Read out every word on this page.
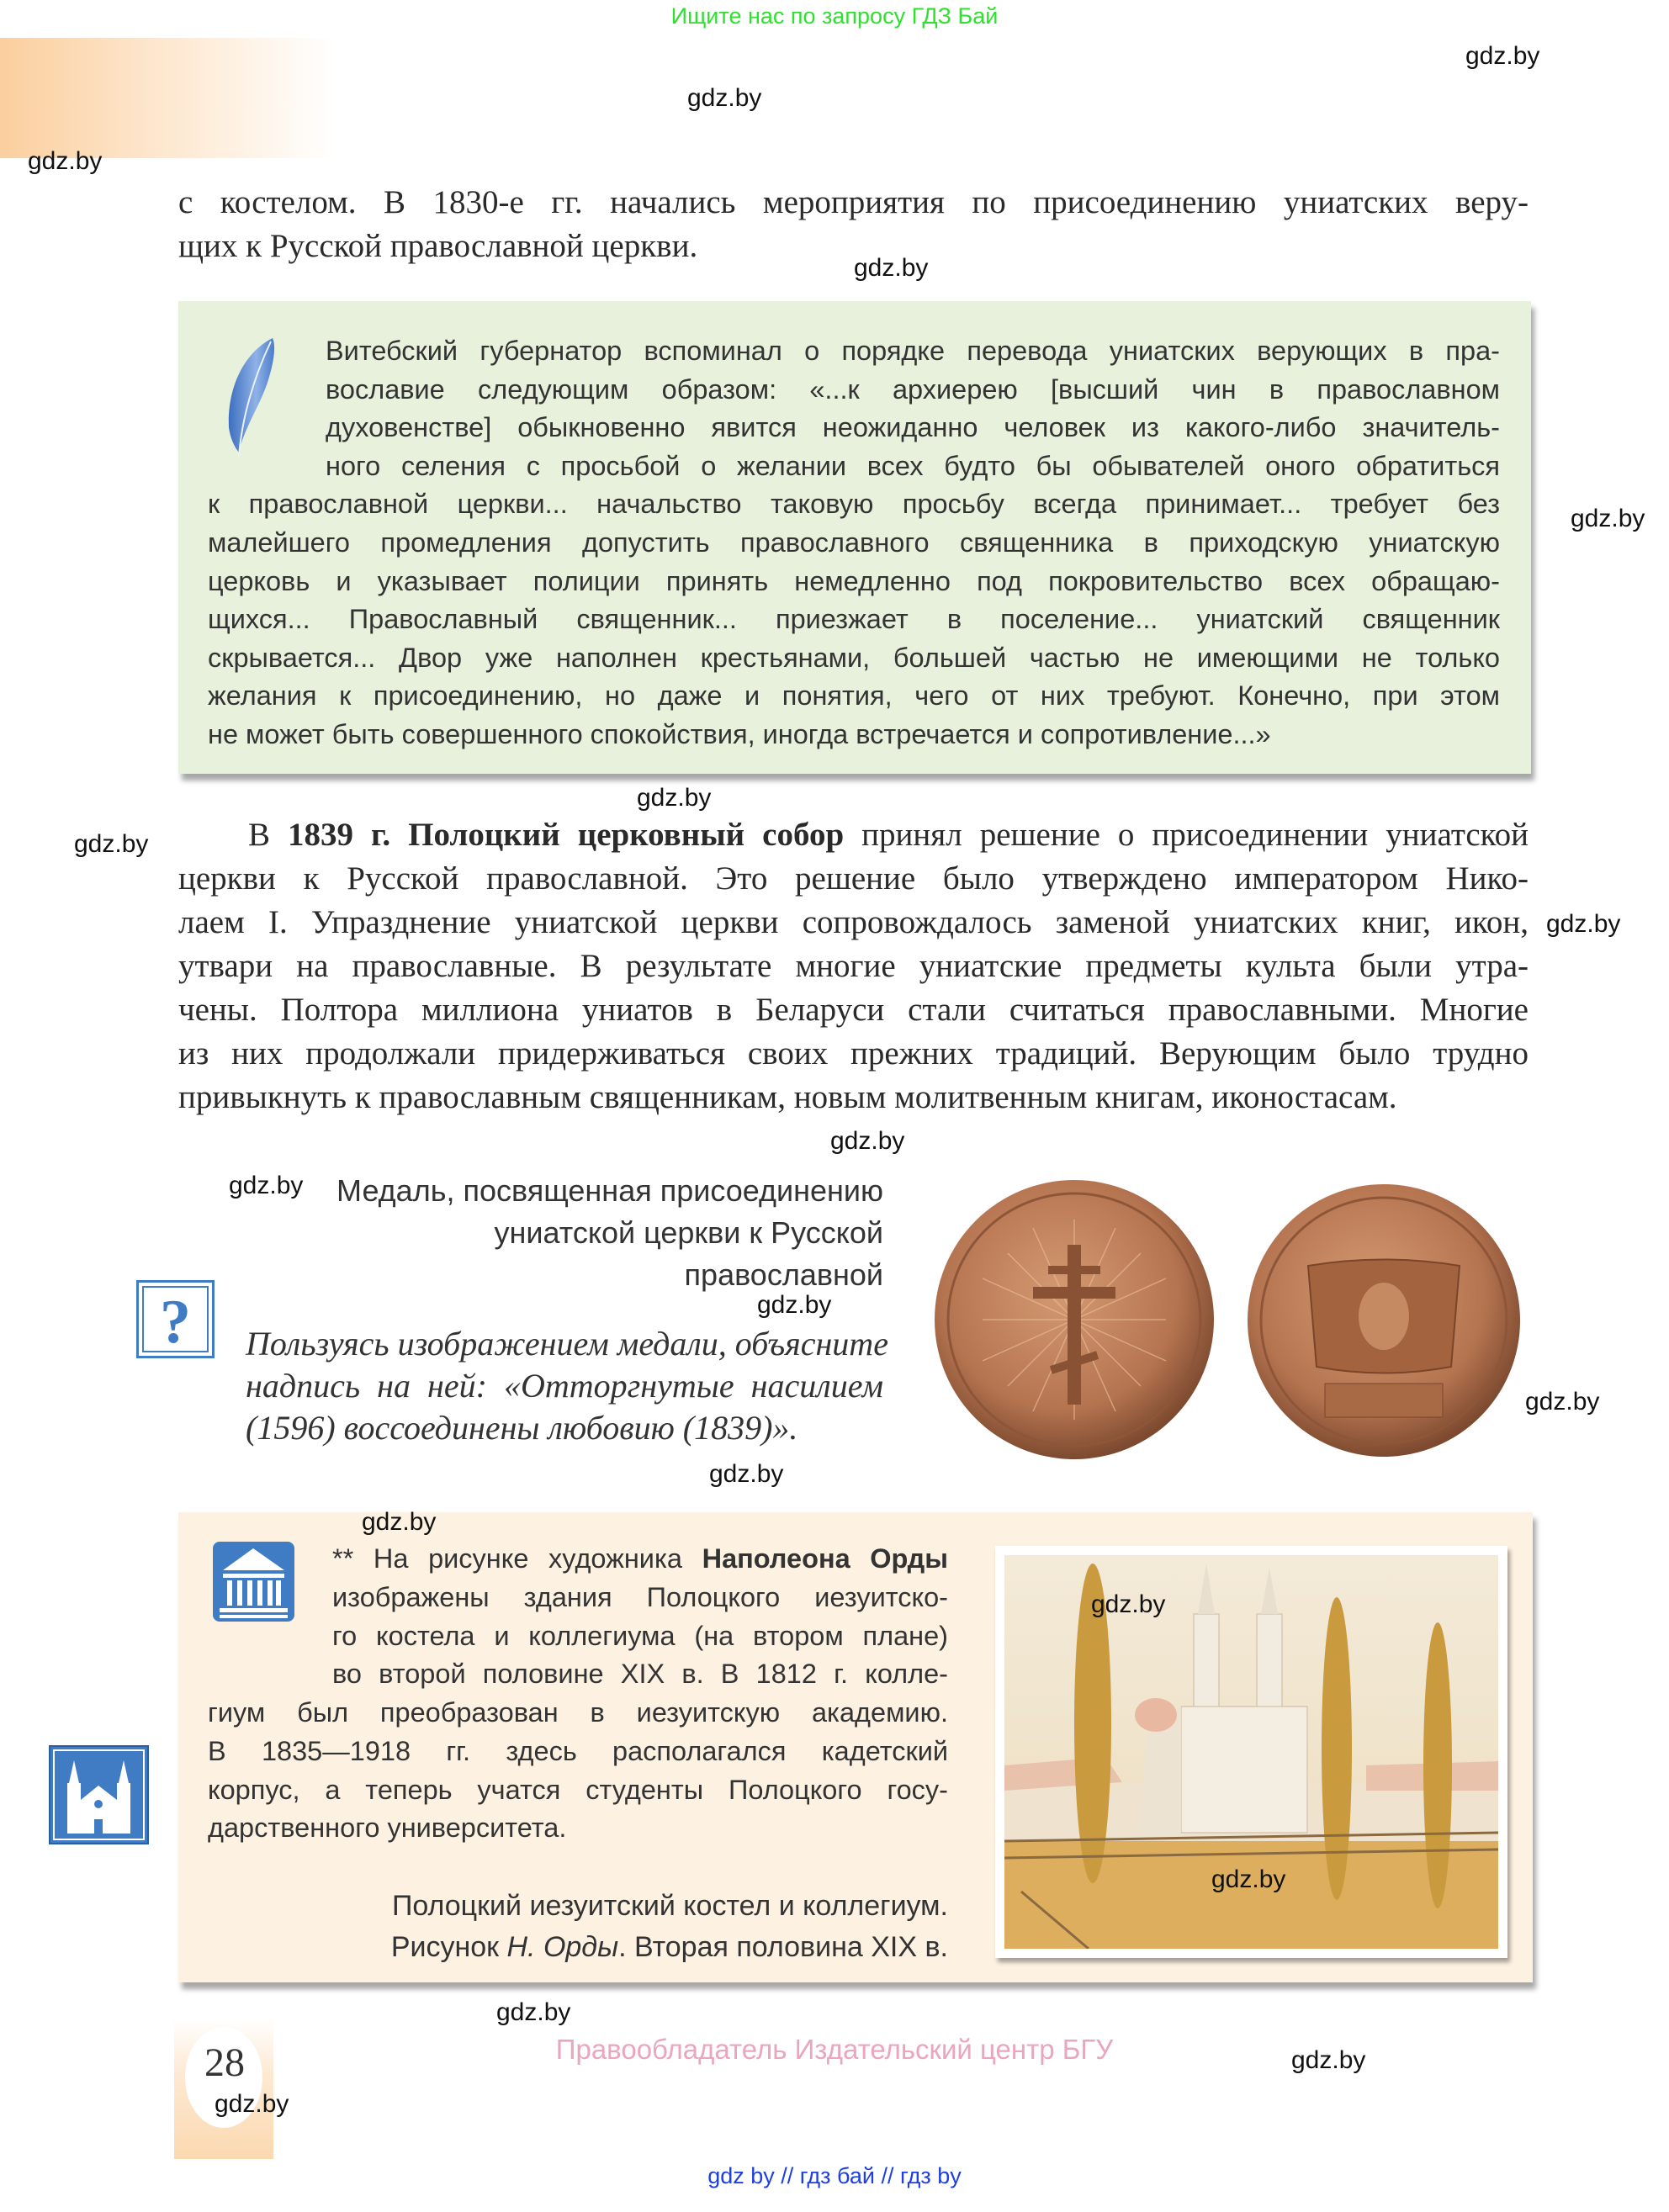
Ищите нас по запросу ГДЗ Бай
с костелом. В 1830-е гг. начались мероприятия по присоединению униатских веру-
щих к Русской православной церкви.
Витебский губернатор вспоминал о порядке перевода униатских верующих в пра-
вославие следующим образом: «...к архиерею [высший чин в православном
духовенстве] обыкновенно явится неожиданно человек из какого-либо значитель-
ного селения с просьбой о желании всех будто бы обывателей оного обратиться
к православной церкви... начальство таковую просьбу всегда принимает... требует без
малейшего промедления допустить православного священника в приходскую униатскую
церковь и указывает полиции принять немедленно под покровительство всех обращаю-
щихся... Православный священник... приезжает в поселение... униатский священник
скрывается... Двор уже наполнен крестьянами, большей частью не имеющими не только
желания к присоединению, но даже и понятия, чего от них требуют. Конечно, при этом
не может быть совершенного спокойствия, иногда встречается и сопротивление...»
В 1839 г. Полоцкий церковный собор принял решение о присоединении униатской
церкви к Русской православной. Это решение было утверждено императором Нико-
лаем I. Упразднение униатской церкви сопровождалось заменой униатских книг, икон,
утвари на православные. В результате многие униатские предметы культа были утра-
чены. Полтора миллиона униатов в Беларуси стали считаться православными. Многие
из них продолжали придерживаться своих прежних традиций. Верующим было трудно
привыкнуть к православным священникам, новым молитвенным книгам, иконостасам.
Медаль, посвященная присоединению
униатской церкви к Русской
православной
? Пользуясь изображением медали, объясните
надпись на ней: «Отторгнутые насилием
(1596) воссоединены любовию (1839)».
** На рисунке художника Наполеона Орды
изображены здания Полоцкого иезуитско-
го костела и коллегиума (на втором плане)
во второй половине XIX в. В 1812 г. колле-
гиум был преобразован в иезуитскую академию.
В 1835—1918 гг. здесь располагался кадетский
корпус, а теперь учатся студенты Полоцкого госу-
дарственного университета.
Полоцкий иезуитский костел и коллегиум.
Рисунок Н. Орды. Вторая половина XIX в.
28	Правообладатель Издательский центр БГУ
gdz by // гдз бай // гдз by
gdz.by
gdz.by
gdz.by
gdz.by
gdz.by
gdz.by
gdz.by
gdz.by
gdz.by
gdz.by
gdz.by
gdz.by
gdz.by
gdz.by
gdz.by
gdz.by
gdz.by
gdz.by
gdz.by
